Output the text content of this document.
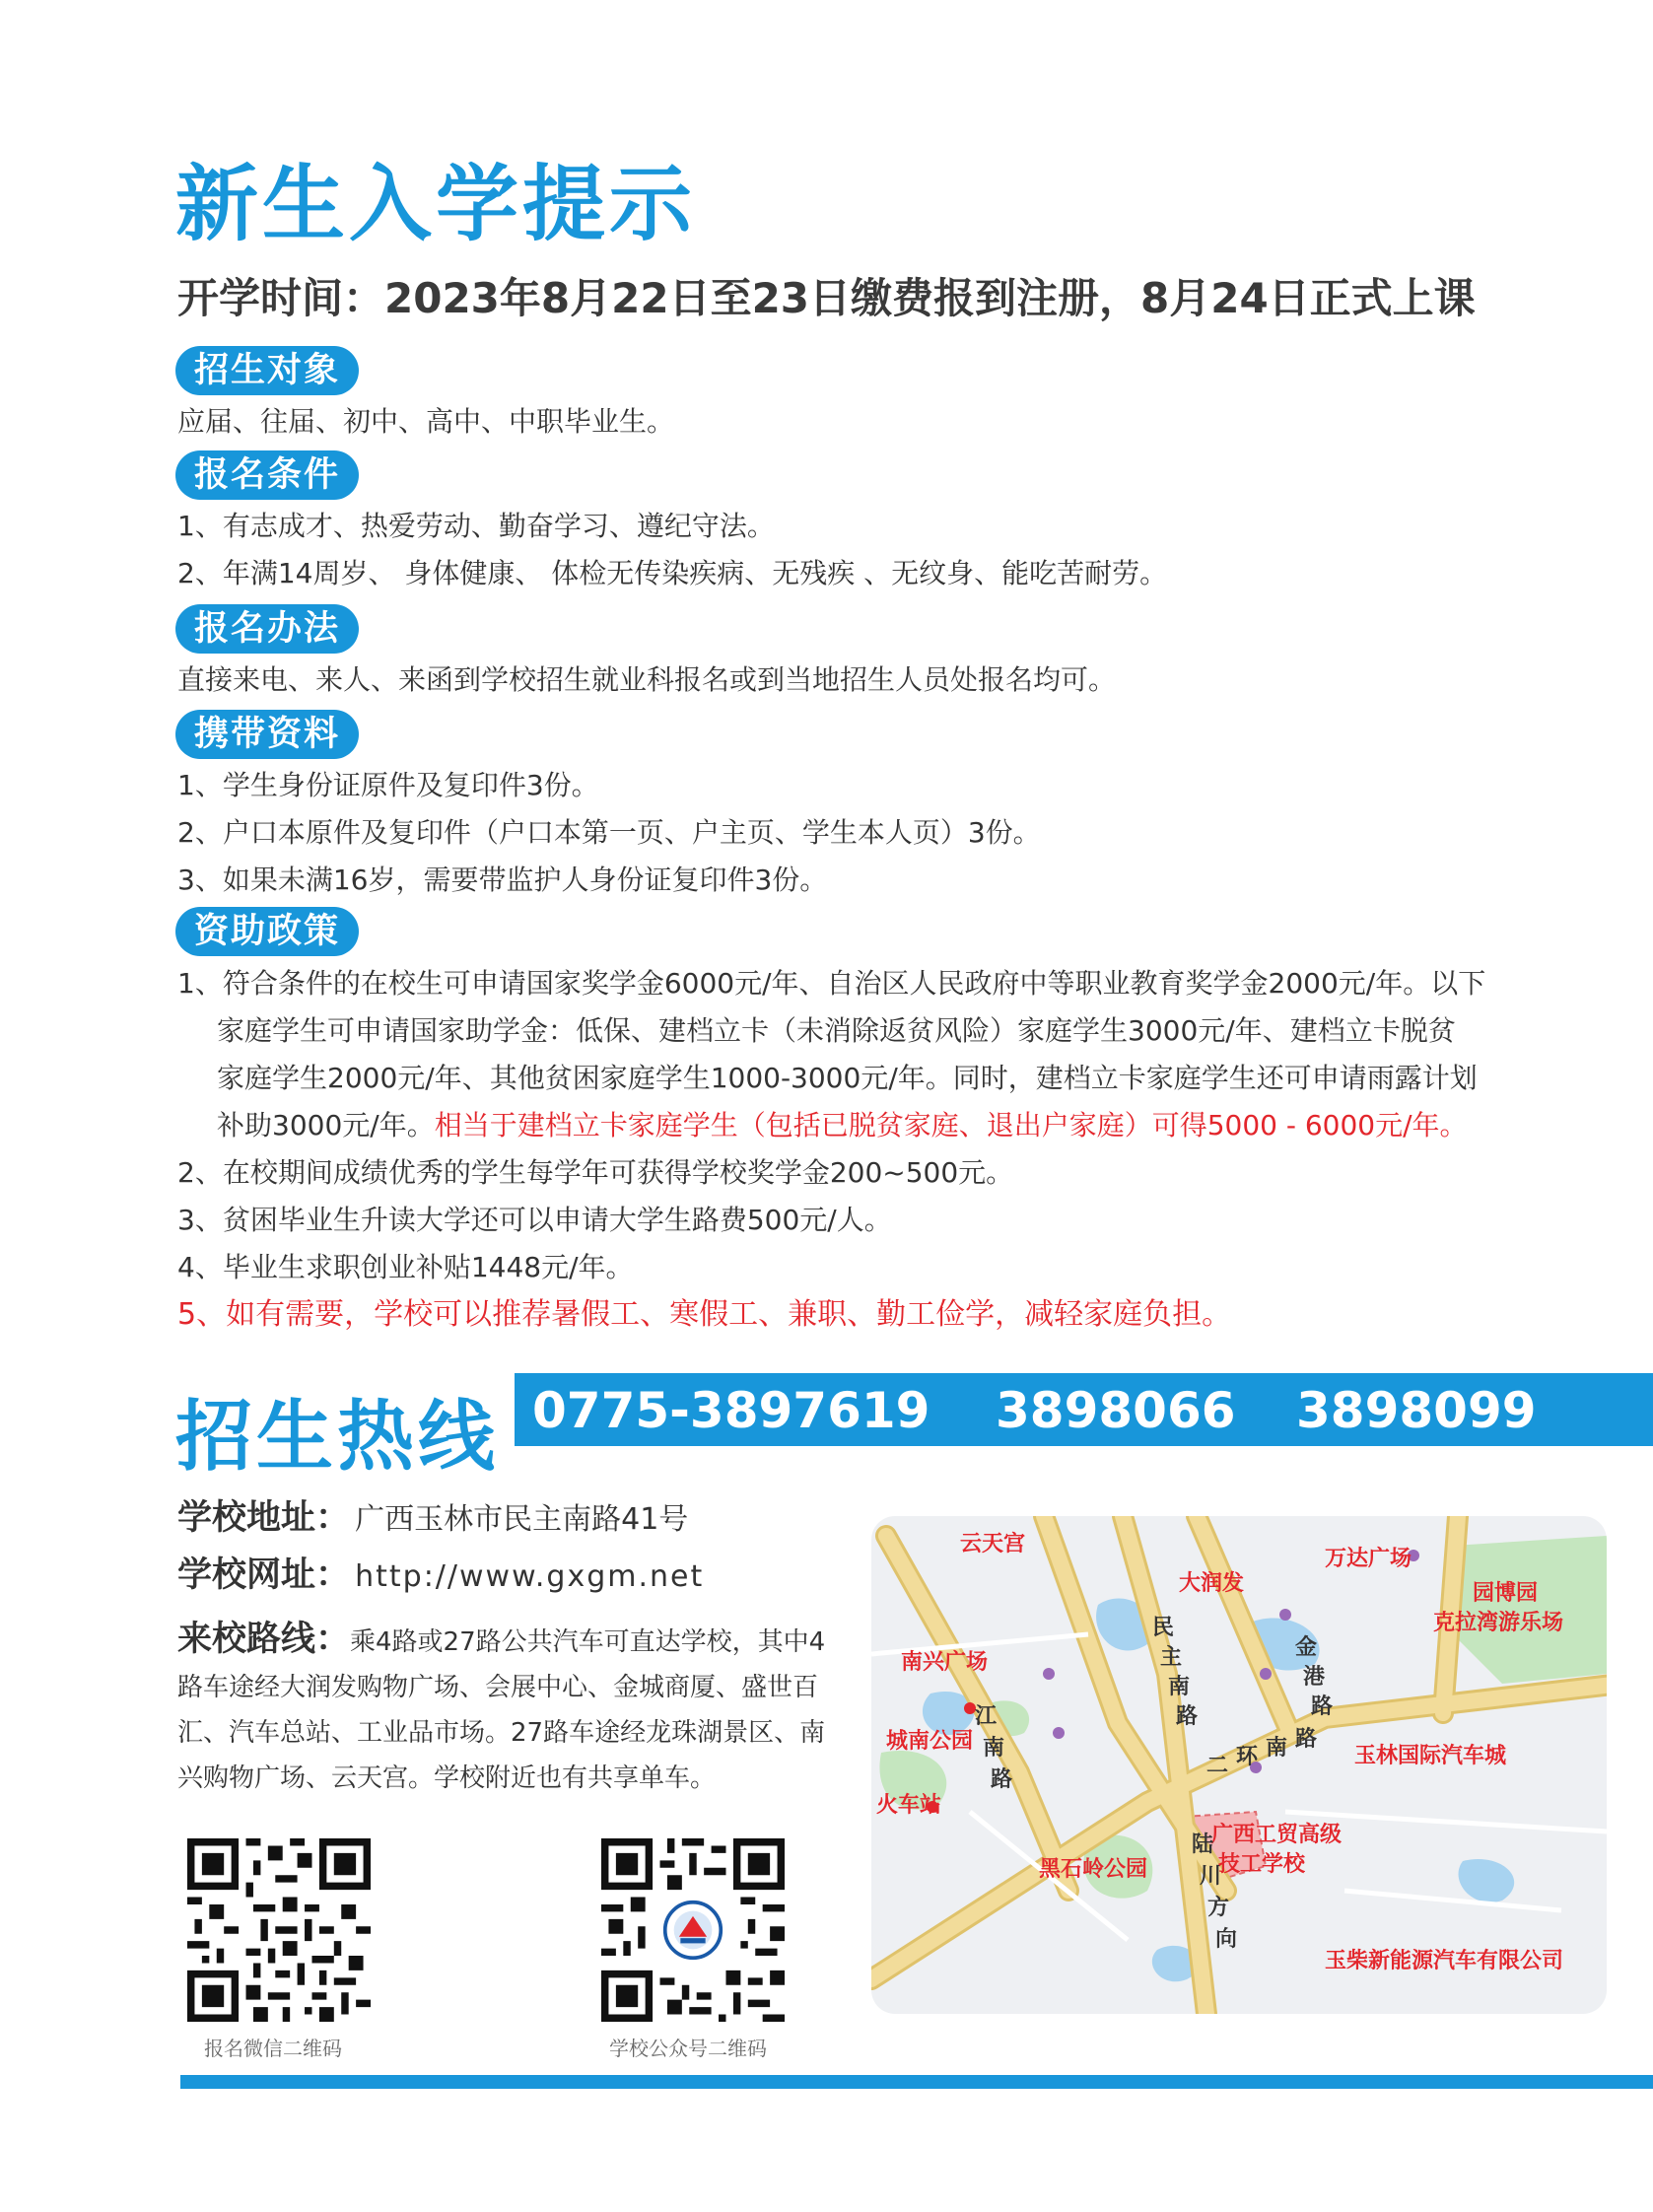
新生入学提示
开学时间：2023年8月22日至23日缴费报到注册，8月24日正式上课
招生对象

应届、往届、初中、高中、中职毕业生。

报名条件

1、有志成才、热爱劳动、勤奋学习、遵纪守法。

2、年满14周岁、 身体健康、 体检无传染疾病、无残疾 、无纹身、能吃苦耐劳。

报名办法

直接来电、来人、来函到学校招生就业科报名或到当地招生人员处报名均可。

携带资料

1、学生身份证原件及复印件3份。

2、户口本原件及复印件（户口本第一页、户主页、学生本人页）3份。

3、如果未满16岁，需要带监护人身份证复印件3份。

资助政策

1、符合条件的在校生可申请国家奖学金6000元/年、自治区人民政府中等职业教育奖学金2000元/年。以下

家庭学生可申请国家助学金：低保、建档立卡（未消除返贫风险）家庭学生3000元/年、建档立卡脱贫

家庭学生2000元/年、其他贫困家庭学生1000-3000元/年。同时，建档立卡家庭学生还可申请雨露计划

补助3000元/年。相当于建档立卡家庭学生（包括已脱贫家庭、退出户家庭）可得5000 - 6000元/年。

2、在校期间成绩优秀的学生每学年可获得学校奖学金200~500元。

3、贫困毕业生升读大学还可以申请大学生路费500元/人。

4、毕业生求职创业补贴1448元/年。

5、如有需要，学校可以推荐暑假工、寒假工、兼职、勤工俭学，减轻家庭负担。

招生热线 0775-3897619 3898066 3898099
学校地址： 广西玉林市民主南路41号
学校网址： http://www.gxgm.net

来校路线：乘4路或27路公共汽车可直达学校，其中4路车途经大润发购物广场、会展中心、金城商厦、盛世百汇、汽车总站、工业品市场。27路车途经龙珠湖景区、南兴购物广场、云天宫。学校附近也有共享单车。

报名微信二维码	学校公众号二维码
云天宫
万达广场
大润发	园博园
克拉湾游乐场
南兴广场
城南公园
火车站
黑石岭公园
广西工贸高级
技工学校
玉林国际汽车城
玉柴新能源汽车有限公司
民主南路
金港路
江南路
二 环 南 路
陆川方向
